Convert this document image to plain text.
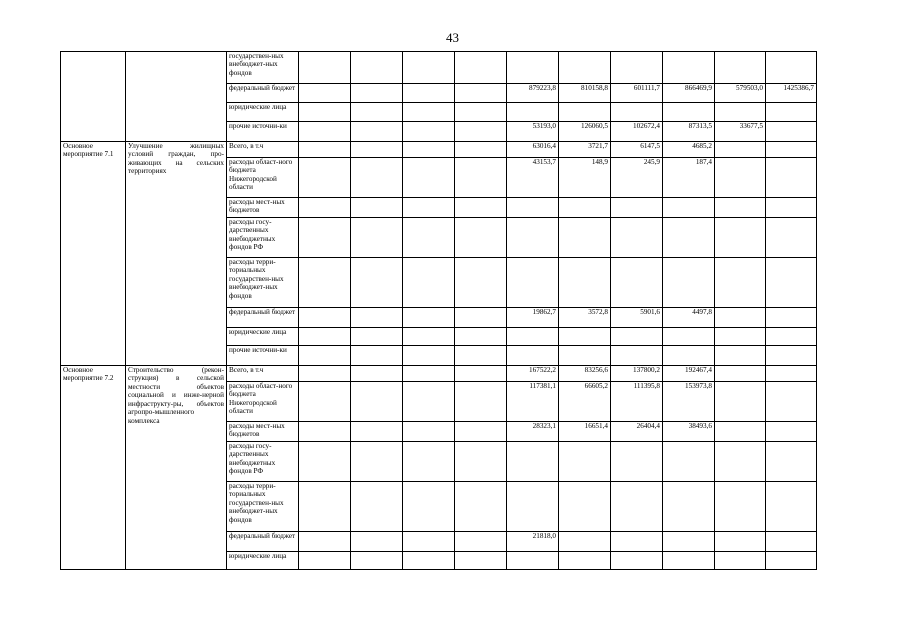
43
		государствен-ных внебюджет-ных фондов										
		федеральный бюджет					879223,8	810158,8	601111,7	866469,9	579503,0	1425386,7
		юридические лица										
		прочие источни-ки					53193,0	126060,5	102672,4	87313,5	33677,5	
Основное мероприятие 7.1	Улучшение жилищных условий граждан, про-живающих на сельских территориях	Всего, в т.ч					63016,4	3721,7	6147,5	4685,2		
		расходы област-ного бюджета Нижегородской области					43153,7	148,9	245,9	187,4		
		расходы мест-ных бюджетов										
		расходы госу-дарственных внебюджетных фондов РФ										
		расходы терри-ториальных государствен-ных внебюджет-ных фондов										
		федеральный бюджет					19862,7	3572,8	5901,6	4497,8		
		юридические лица										
		прочие источни-ки										
Основное мероприятие 7.2	Строительство (рекон-струкция) в сельской местности объектов социальной и инже-нерной инфраструкту-ры, объектов агропро-мышленного комплекса	Всего, в т.ч					167522,2	83256,6	137800,2	192467,4		
		расходы област-ного бюджета Нижегородской области					117381,1	66605,2	111395,8	153973,8		
		расходы мест-ных бюджетов					28323,1	16651,4	26404,4	38493,6		
		расходы госу-дарственных внебюджетных фондов РФ										
		расходы терри-ториальных государствен-ных внебюджет-ных фондов										
		федеральный бюджет					21818,0					
		юридические лица										
